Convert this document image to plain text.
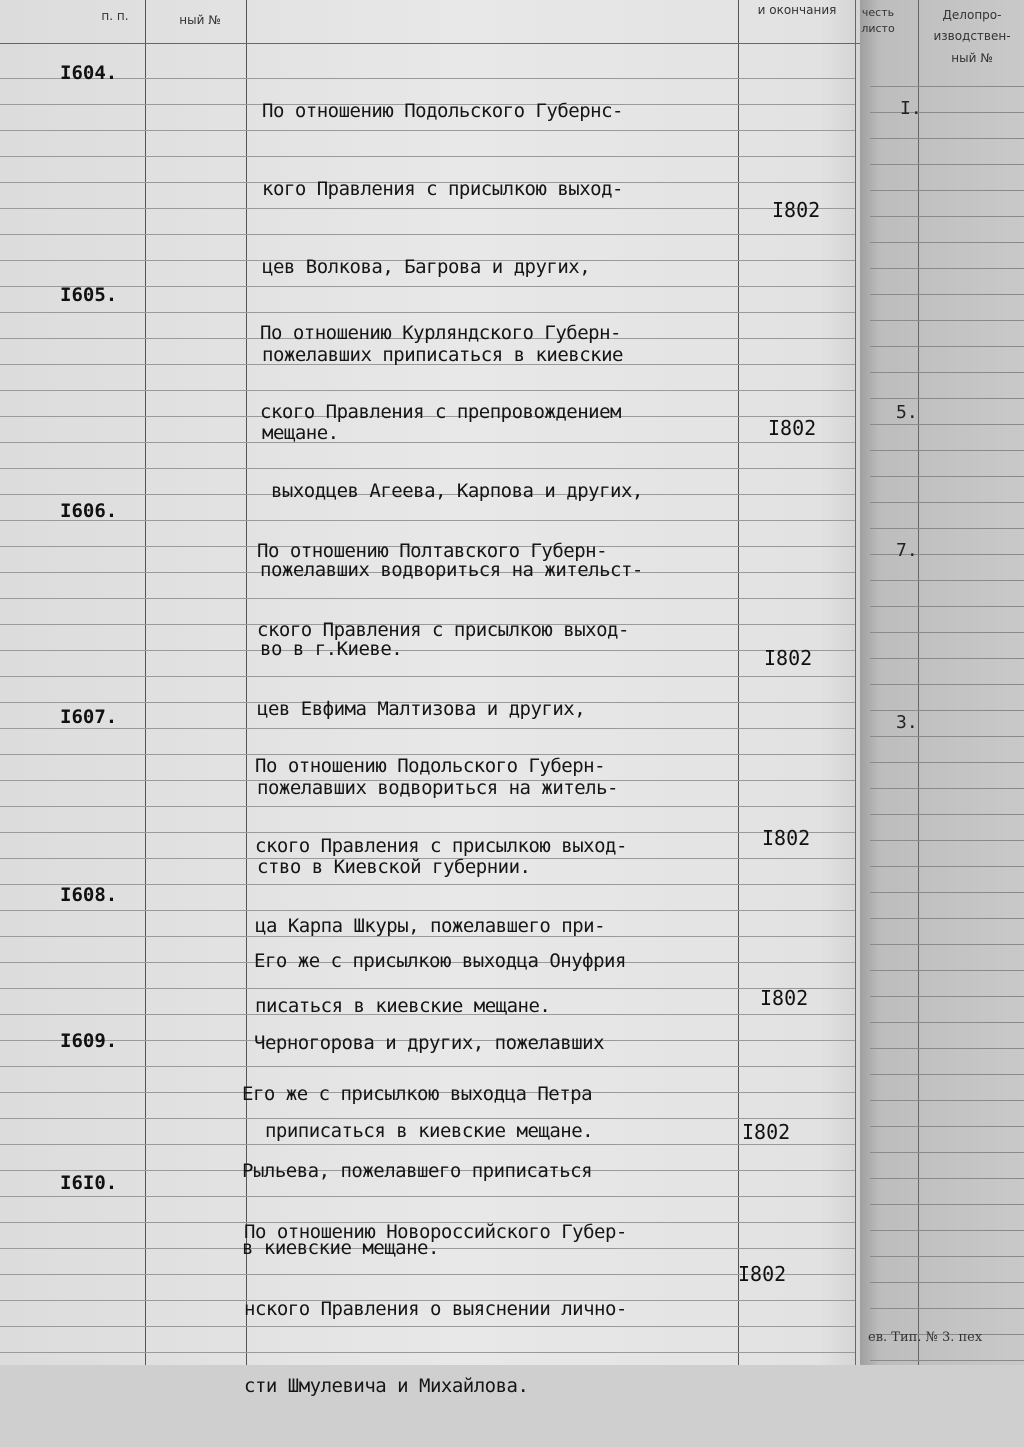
п. п.	ный №
и окончания	честь
листо
Делопро-
изводствен-
ный №
I604.

По отношению Подольского Губернс-

кого Правления с присылкою выход-

цев Волкова, Багрова и других,

пожелавших приписаться в киевские

мещане.

I802
I605.

По отношению Курляндского Губерн-

ского Правления с препровождением

выходцев Агеева, Карпова и других,

пожелавших водвориться на жительст-

во в г.Киеве.

I802
I606.

По отношению Полтавского Губерн-

ского Правления с присылкою выход-

цев Евфима Малтизова и других,

пожелавших водвориться на житель-

ство в Киевской губернии.

I802
I607.

По отношению Подольского Губерн-

ского Правления с присылкою выход-

ца Карпа Шкуры, пожелавшего при-

писаться в киевские мещане.

I802
I608.

Его же с присылкою выходца Онуфрия

Черногорова и других, пожелавших

приписаться в киевские мещане.

I802
I609.

Его же с присылкою выходца Петра

Рыльева, пожелавшего приписаться

в киевские мещане.

I802
I6I0.

По отношению Новороссийского Губер-

нского Правления о выяснении лично-

сти Шмулевича и Михайлова.

I802
I.
5.
7.
3.
ев. Тип. № 3. пех
